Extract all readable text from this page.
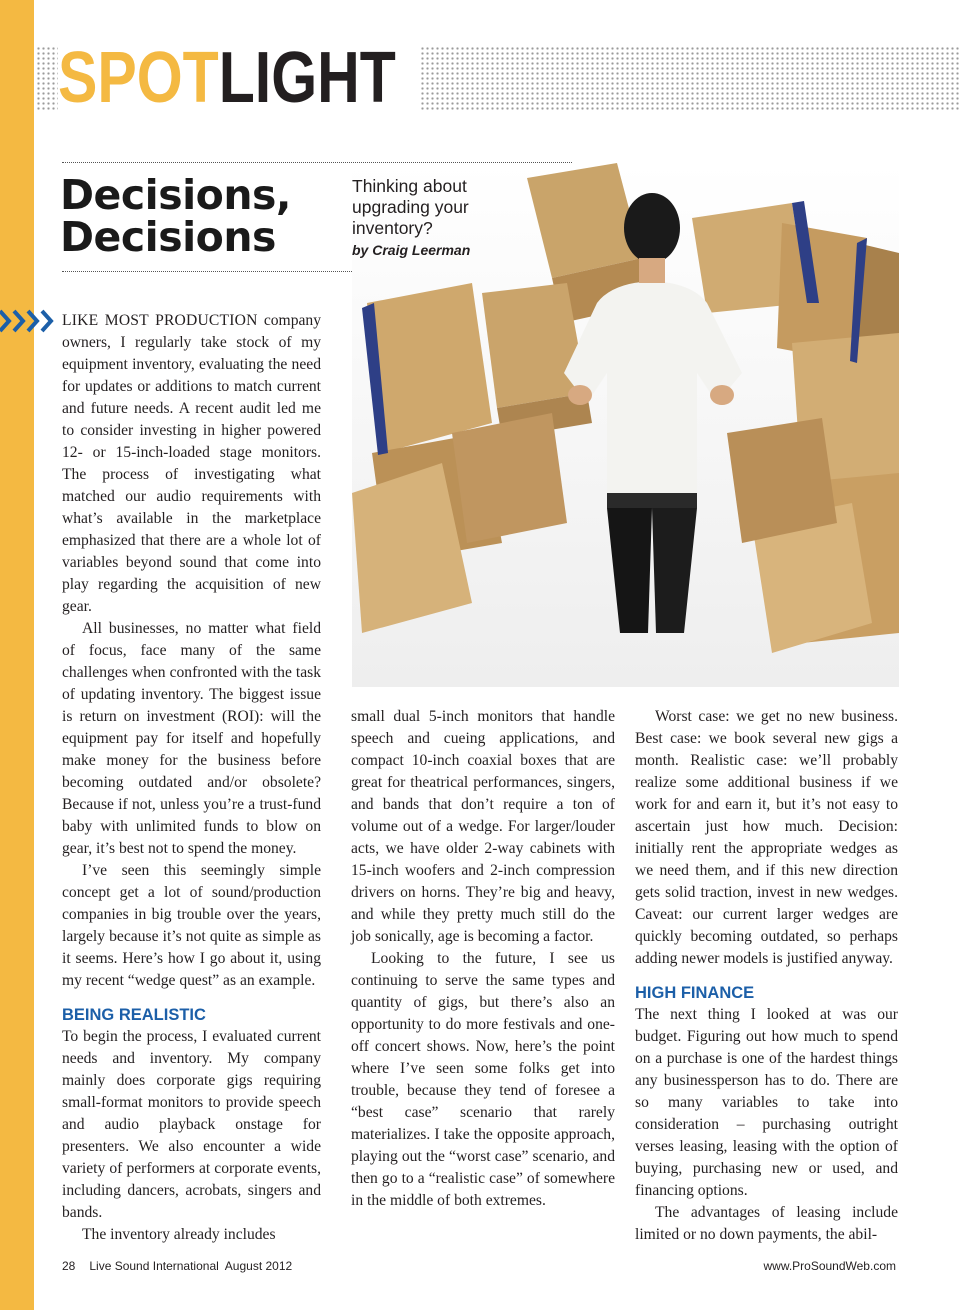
SPOTLIGHT
Decisions,
Decisions
Thinking about upgrading your inventory?
by Craig Leerman

LIKE MOST PRODUCTION company owners, I regularly take stock of my equipment inventory, evaluating the need for updates or additions to match current and future needs. A recent audit led me to consider investing in higher powered 12- or 15-inch-loaded stage monitors. The process of investigating what matched our audio requirements with what’s available in the marketplace emphasized that there are a whole lot of variables beyond sound that come into play regarding the acquisition of new gear.

All businesses, no matter what field of focus, face many of the same challenges when confronted with the task of updating inventory. The biggest issue is return on investment (ROI): will the equipment pay for itself and hopefully make money for the business before becoming outdated and/or obsolete? Because if not, unless you’re a trust-fund baby with unlimited funds to blow on gear, it’s best not to spend the money.

I’ve seen this seemingly simple concept get a lot of sound/production companies in big trouble over the years, largely because it’s not quite as simple as it seems. Here’s how I go about it, using my recent “wedge quest” as an example.

BEING REALISTIC

To begin the process, I evaluated current needs and inventory. My company mainly does corporate gigs requiring small-format monitors to provide speech and audio playback onstage for presenters. We also encounter a wide variety of performers at corporate events, including dancers, acrobats, singers and bands.

The inventory already includes

small dual 5-inch monitors that handle speech and cueing applications, and compact 10-inch coaxial boxes that are great for theatrical performances, singers, and bands that don’t require a ton of volume out of a wedge. For larger/louder acts, we have older 2-way cabinets with 15-inch woofers and 2-inch compression drivers on horns. They’re big and heavy, and while they pretty much still do the job sonically, age is becoming a factor.

Looking to the future, I see us continuing to serve the same types and quantity of gigs, but there’s also an opportunity to do more festivals and one-off concert shows. Now, here’s the point where I’ve seen some folks get into trouble, because they tend of foresee a “best case” scenario that rarely materializes. I take the opposite approach, playing out the “worst case” scenario, and then go to a “realistic case” of somewhere in the middle of both extremes.

Worst case: we get no new business. Best case: we book several new gigs a month. Realistic case: we’ll probably realize some additional business if we work for and earn it, but it’s not easy to ascertain just how much. Decision: initially rent the appropriate wedges as we need them, and if this new direction gets solid traction, invest in new wedges. Caveat: our current larger wedges are quickly becoming outdated, so perhaps adding newer models is justified anyway.

HIGH FINANCE

The next thing I looked at was our budget. Figuring out how much to spend on a purchase is one of the hardest things any businessperson has to do. There are so many variables to take into consideration – purchasing outright verses leasing, leasing with the option of buying, purchasing new or used, and financing options.

The advantages of leasing include limited or no down payments, the abil-

28 Live Sound International August 2012	www.ProSoundWeb.com
